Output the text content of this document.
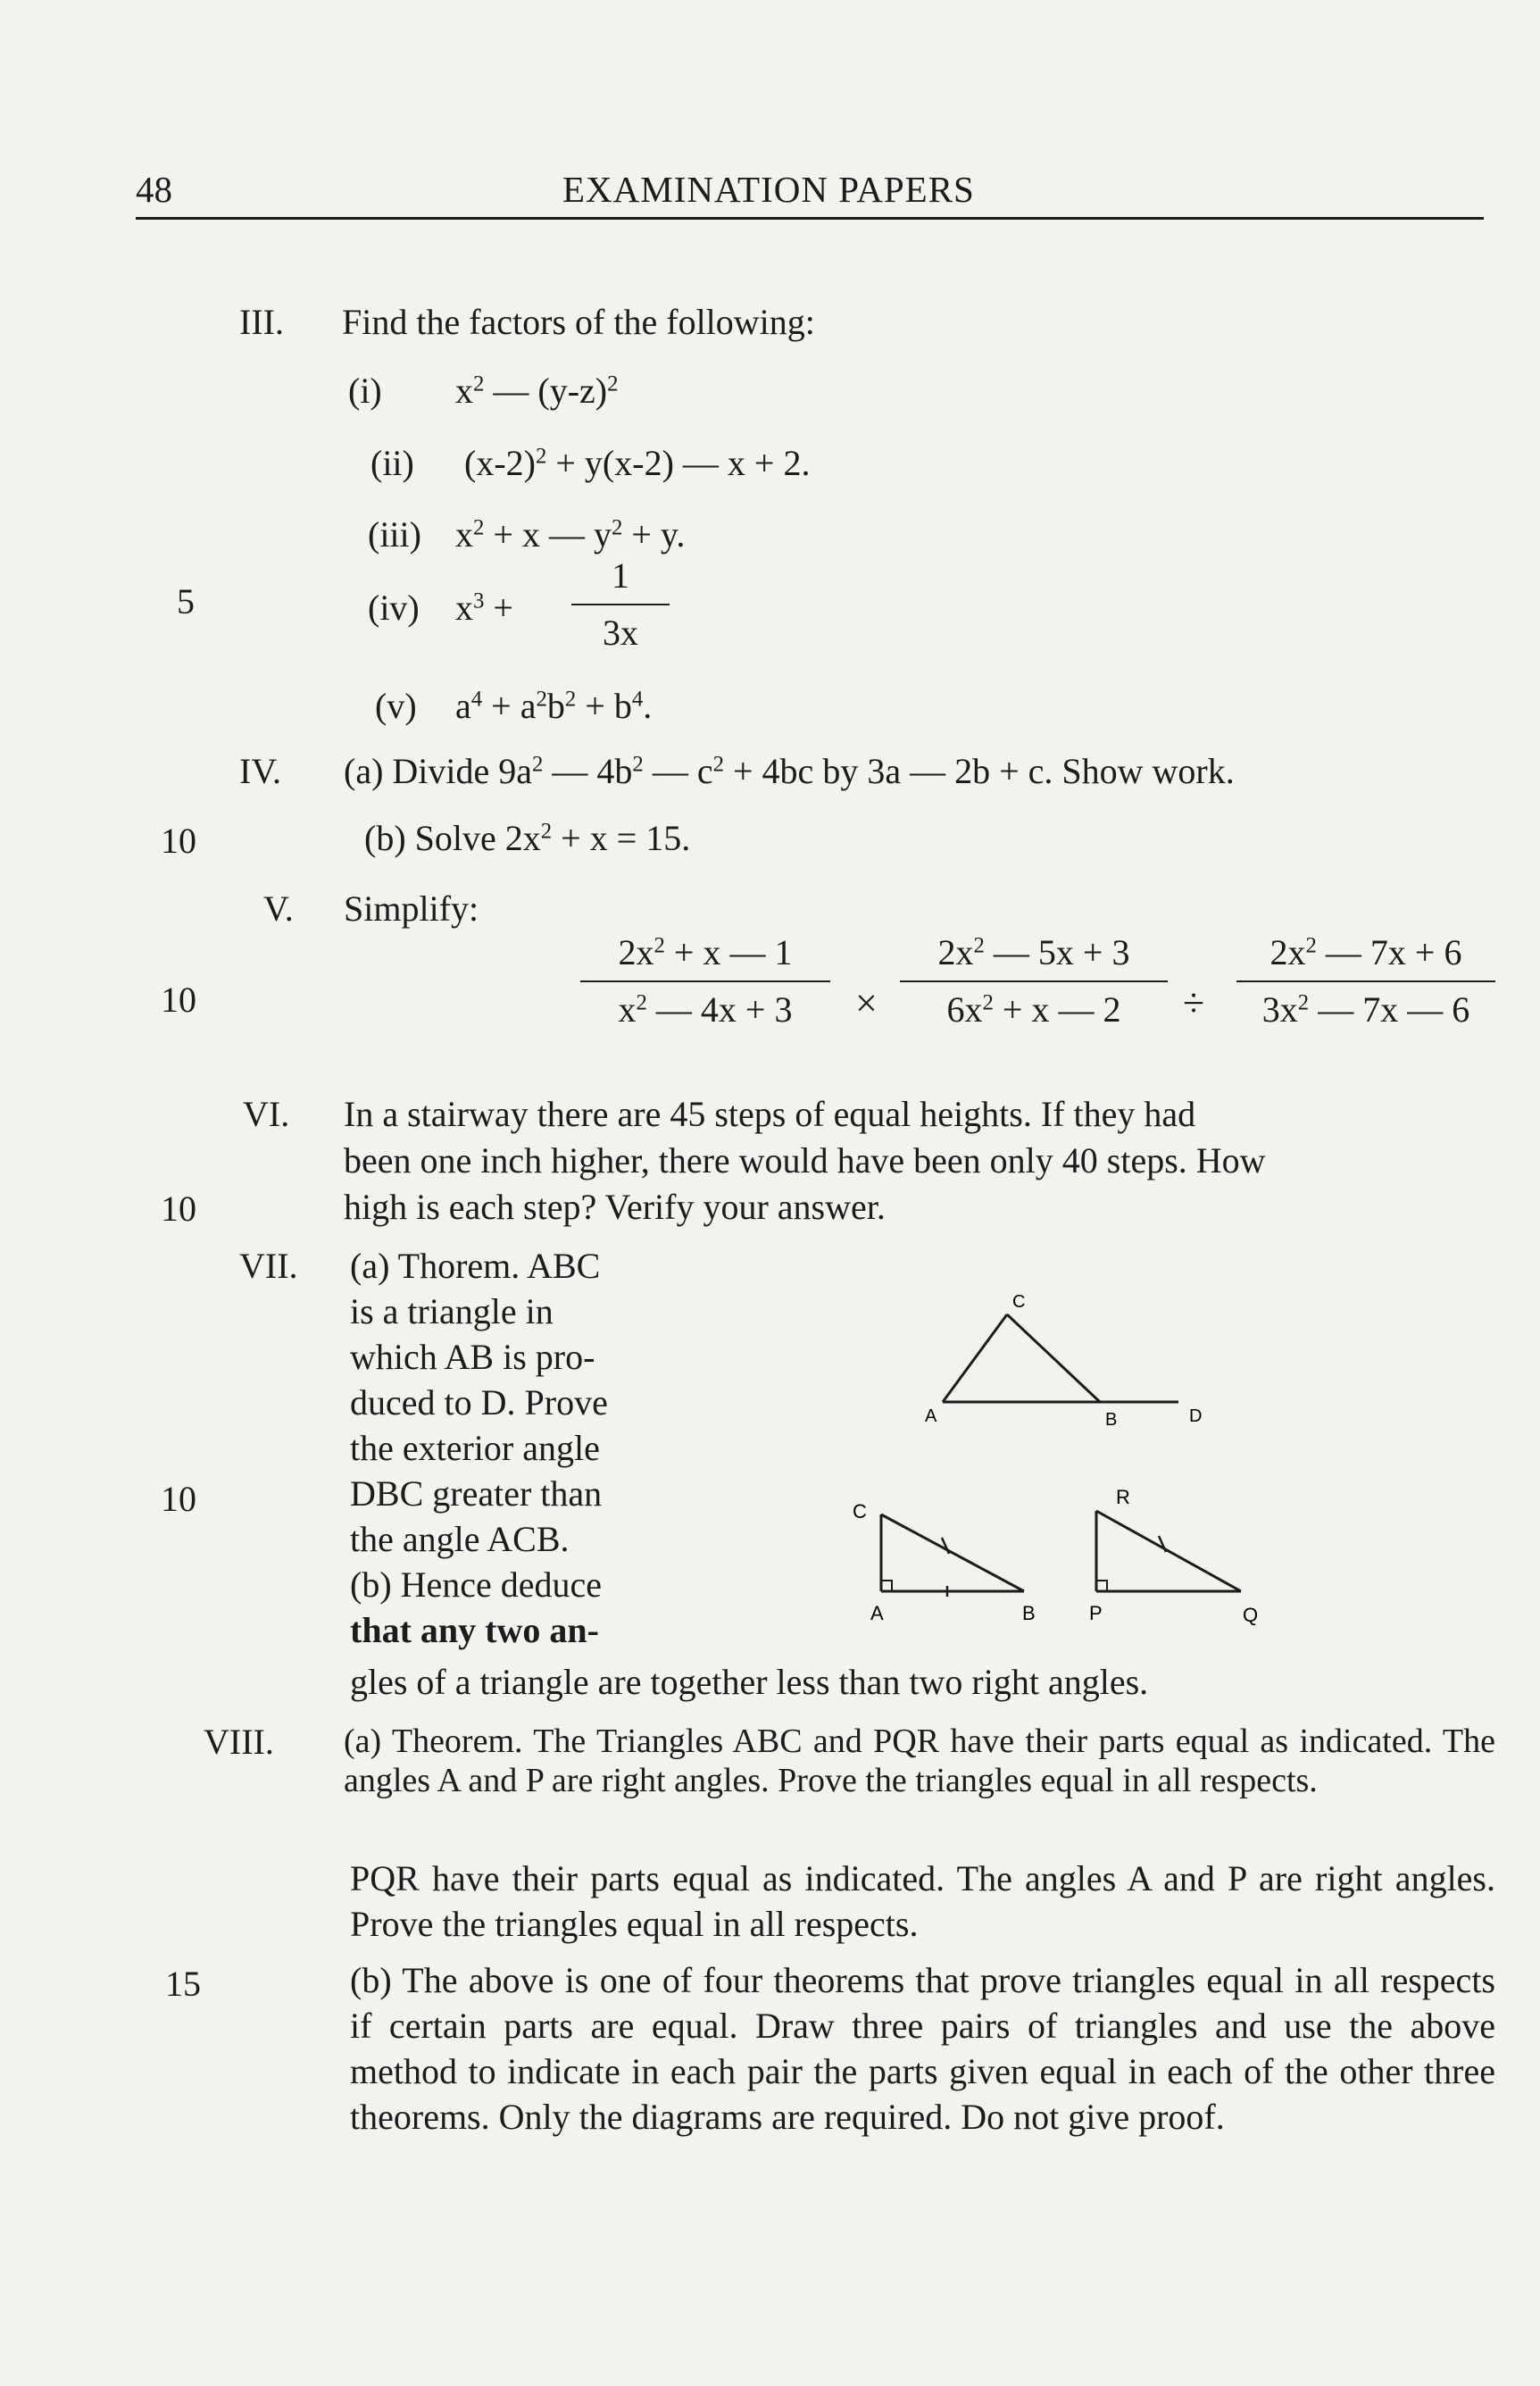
48	EXAMINATION PAPERS
5
10
10
10
10
15
III. Find the factors of the following:
(i) $x^2$ — $(y-z)^2$
(ii) $(x-2)^2 + y(x-2)$ — x + 2.
(iii) $x^2 + x$ — $y^2 + y$.
(iv) $x^3$ +
1
3x
(v) $a^4 + a^2b^2 + b^4$.
IV. (a) Divide $9a^2$ — $4b^2$ — $c^2 + 4bc$ by 3a — 2b + c. Show work.
(b) Solve $2x^2 + x = 15$.
V. Simplify:
$2x^2 + x$ — 1
$x^2$ — 4x + 3	×
$2x^2$ — 5x + 3
$6x^2 + x$ — 2	÷
$2x^2$ — 7x + 6
$3x^2$ — 7x — 6
VI. In a stairway there are 45 steps of equal heights. If they had
been one inch higher, there would have been only 40 steps. How
high is each step? Verify your answer.
VII. (a) Thorem. ABC
is a triangle in
which AB is pro-
duced to D. Prove
the exterior angle
DBC greater than
the angle ACB.
(b) Hence deduce
that any two an-
gles of a triangle are together less than two right angles.
C
A	B	D
C
A	B
R
P	Q
VIII. (a) Theorem. The Triangles ABC and PQR have their parts equal as indicated. The angles A and P are right angles. Prove the triangles equal in all respects.
PQR have their parts equal as indicated. The angles A and P are right angles. Prove the triangles equal in all respects.
(b) The above is one of four theorems that prove triangles equal in all respects if certain parts are equal. Draw three pairs of triangles and use the above method to indicate in each pair the parts given equal in each of the other three theorems. Only the diagrams are required. Do not give proof.
